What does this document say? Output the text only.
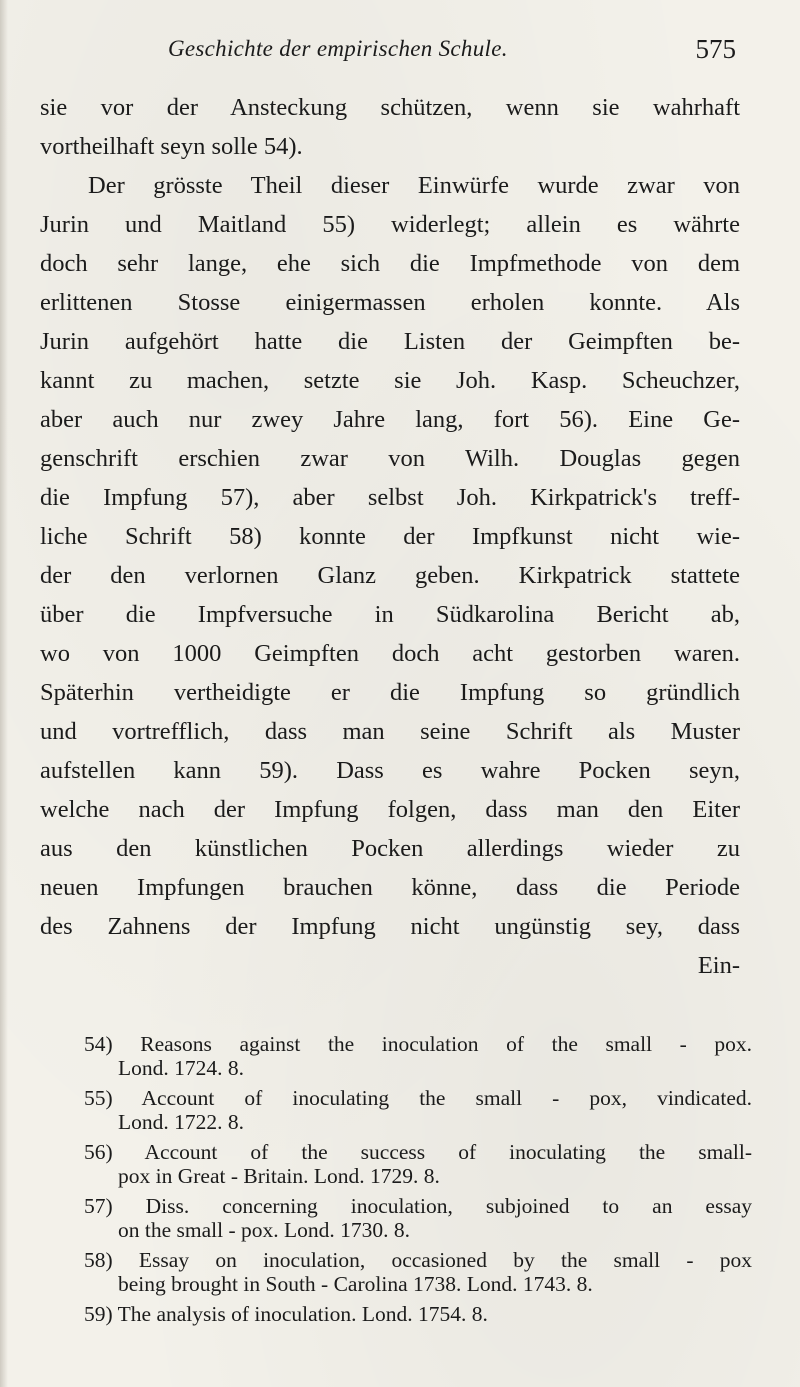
Geschichte der empirischen Schule.	575
sie vor der Ansteckung schützen, wenn sie wahrhaft
vortheilhaft seyn solle 54).
Der grösste Theil dieser Einwürfe wurde zwar von
Jurin und Maitland 55) widerlegt; allein es währte
doch sehr lange, ehe sich die Impfmethode von dem
erlittenen Stosse einigermassen erholen konnte. Als
Jurin aufgehört hatte die Listen der Geimpften be-
kannt zu machen, setzte sie Joh. Kasp. Scheuchzer,
aber auch nur zwey Jahre lang, fort 56). Eine Ge-
genschrift erschien zwar von Wilh. Douglas gegen
die Impfung 57), aber selbst Joh. Kirkpatrick's treff-
liche Schrift 58) konnte der Impfkunst nicht wie-
der den verlornen Glanz geben. Kirkpatrick stattete
über die Impfversuche in Südkarolina Bericht ab,
wo von 1000 Geimpften doch acht gestorben waren.
Späterhin vertheidigte er die Impfung so gründlich
und vortrefflich, dass man seine Schrift als Muster
aufstellen kann 59). Dass es wahre Pocken seyn,
welche nach der Impfung folgen, dass man den Eiter
aus den künstlichen Pocken allerdings wieder zu
neuen Impfungen brauchen könne, dass die Periode
des Zahnens der Impfung nicht ungünstig sey, dass
Ein-
54) Reasons against the inoculation of the small - pox.
Lond. 1724. 8.
55) Account of inoculating the small - pox, vindicated.
Lond. 1722. 8.
56) Account of the success of inoculating the small-
pox in Great - Britain. Lond. 1729. 8.
57) Diss. concerning inoculation, subjoined to an essay
on the small - pox. Lond. 1730. 8.
58) Essay on inoculation, occasioned by the small - pox
being brought in South - Carolina 1738. Lond. 1743. 8.
59) The analysis of inoculation. Lond. 1754. 8.
